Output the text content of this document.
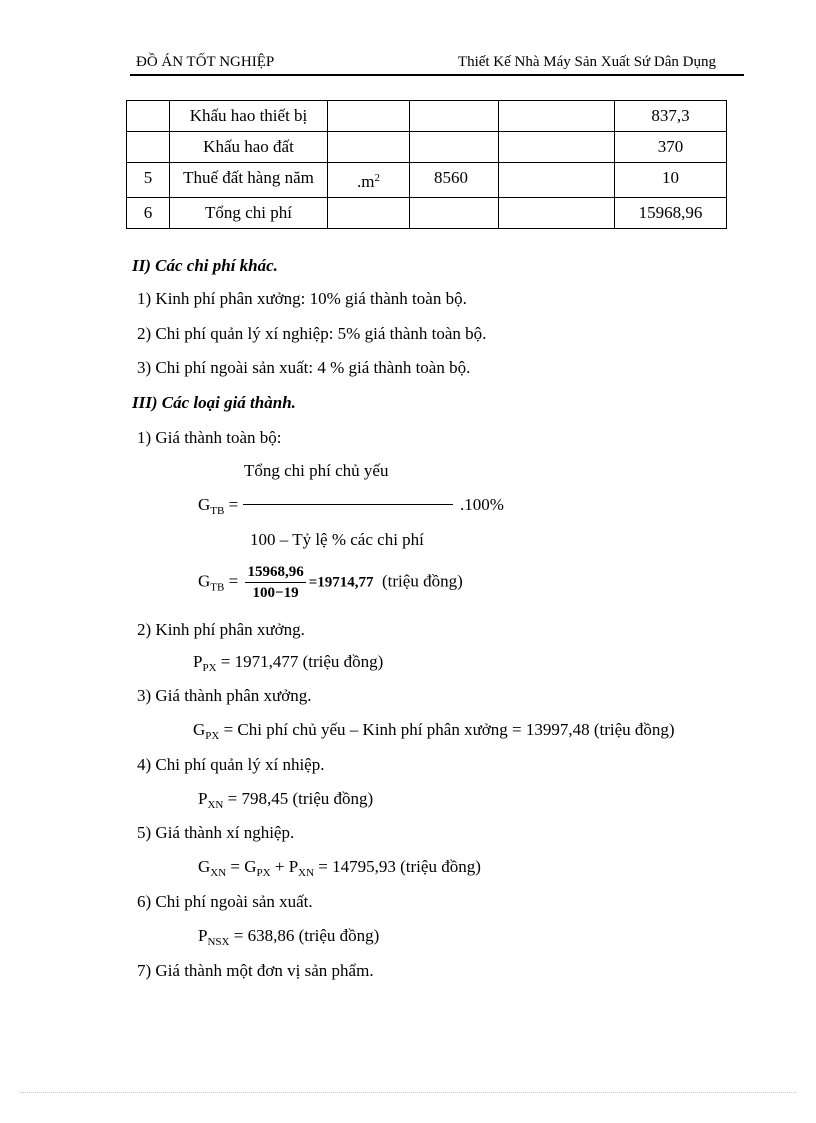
ĐỒ ÁN TỐT NGHIỆP	Thiết Kế Nhà Máy Sản Xuất Sứ Dân Dụng
	Khấu hao thiết bị				837,3
	Khấu hao đất				370
5	Thuế đất hàng năm	$.m^2$	8560		10
6	Tổng chi phí				15968,96
II) Các chi phí khác.
1) Kinh phí phân xưởng: 10% giá thành toàn bộ.
2) Chi phí quản lý xí nghiệp: 5% giá thành toàn bộ.
3) Chi phí ngoài sản xuất: 4 % giá thành toàn bộ.
III) Các loại giá thành.
1) Giá thành toàn bộ:
Tổng chi phí chủ yếu
$G_{TB}$ =	.100%
100 – Tỷ lệ % các chi phí
$G_{TB} = \frac{15968,96}{100-19} =19714,77$ (triệu đồng)
2) Kinh phí phân xưởng.
$P_{PX} = 1971,477$ (triệu đồng)
3) Giá thành phân xưởng.
$G_{PX}$ = Chi phí chủ yếu – Kinh phí phân xưởng = 13997,48 (triệu đồng)
4) Chi phí quản lý xí nhiệp.
$P_{XN} = 798,45$ (triệu đồng)
5) Giá thành xí nghiệp.
$G_{XN} = G_{PX} + P_{XN} = 14795,93$ (triệu đồng)
6) Chi phí ngoài sản xuất.
$P_{NSX} = 638,86$ (triệu đồng)
7) Giá thành một đơn vị sản phẩm.
